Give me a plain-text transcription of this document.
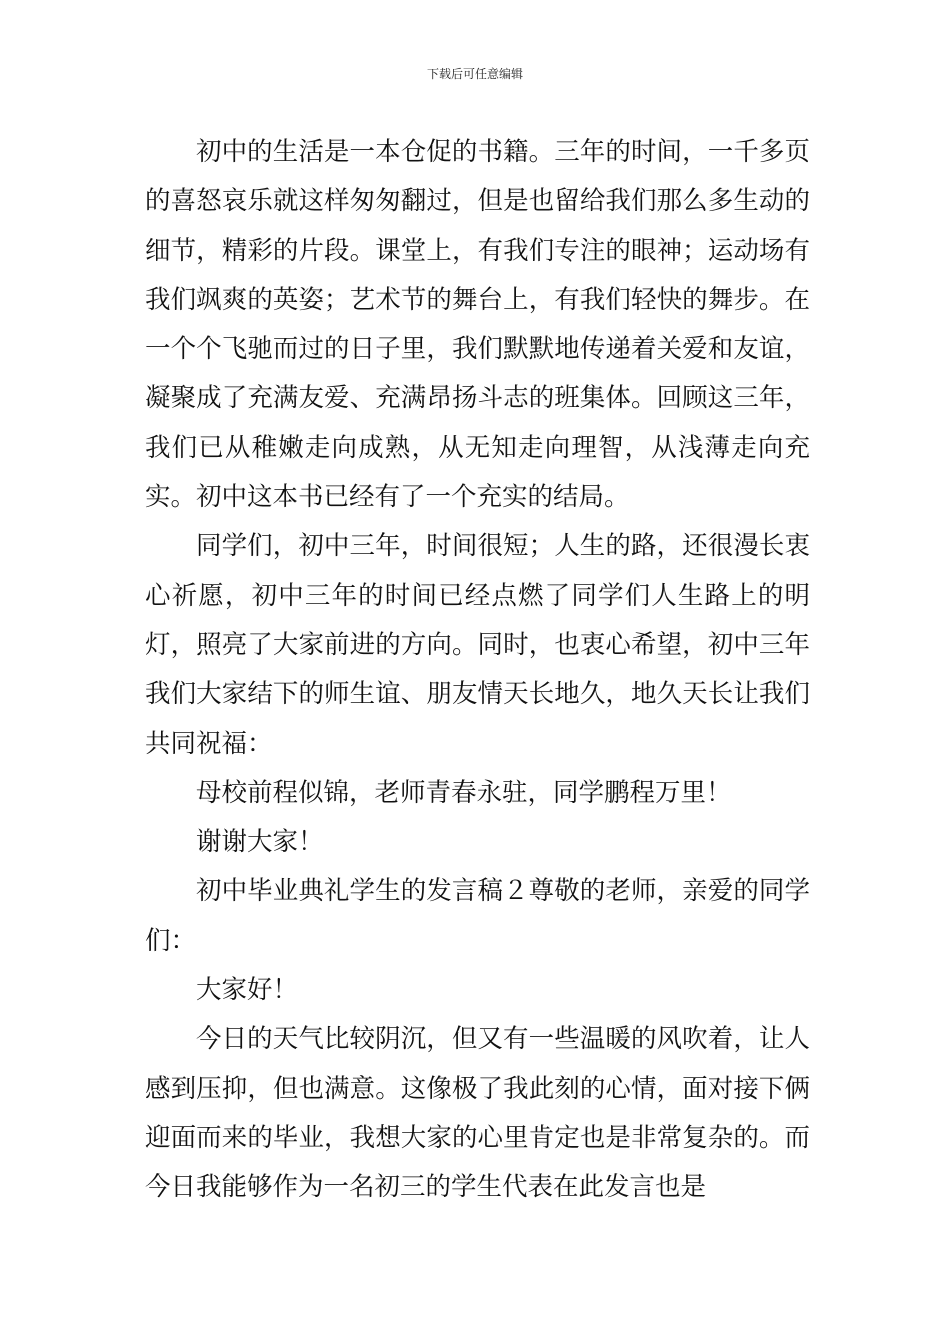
下载后可任意编辑

初中的生活是一本仓促的书籍。三年的时间，一千多页的喜怒哀乐就这样匆匆翻过，但是也留给我们那么多生动的细节，精彩的片段。课堂上，有我们专注的眼神；运动场有我们飒爽的英姿；艺术节的舞台上，有我们轻快的舞步。在一个个飞驰而过的日子里，我们默默地传递着关爱和友谊，凝聚成了充满友爱、充满昂扬斗志的班集体。回顾这三年，我们已从稚嫩走向成熟，从无知走向理智，从浅薄走向充实。初中这本书已经有了一个充实的结局。

同学们，初中三年，时间很短；人生的路，还很漫长衷心祈愿，初中三年的时间已经点燃了同学们人生路上的明灯，照亮了大家前进的方向。同时，也衷心希望，初中三年我们大家结下的师生谊、朋友情天长地久，地久天长让我们共同祝福：

母校前程似锦，老师青春永驻，同学鹏程万里！

谢谢大家！

初中毕业典礼学生的发言稿２尊敬的老师，亲爱的同学们：

大家好！

今日的天气比较阴沉，但又有一些温暖的风吹着，让人感到压抑，但也满意。这像极了我此刻的心情，面对接下俩迎面而来的毕业，我想大家的心里肯定也是非常复杂的。而今日我能够作为一名初三的学生代表在此发言也是
